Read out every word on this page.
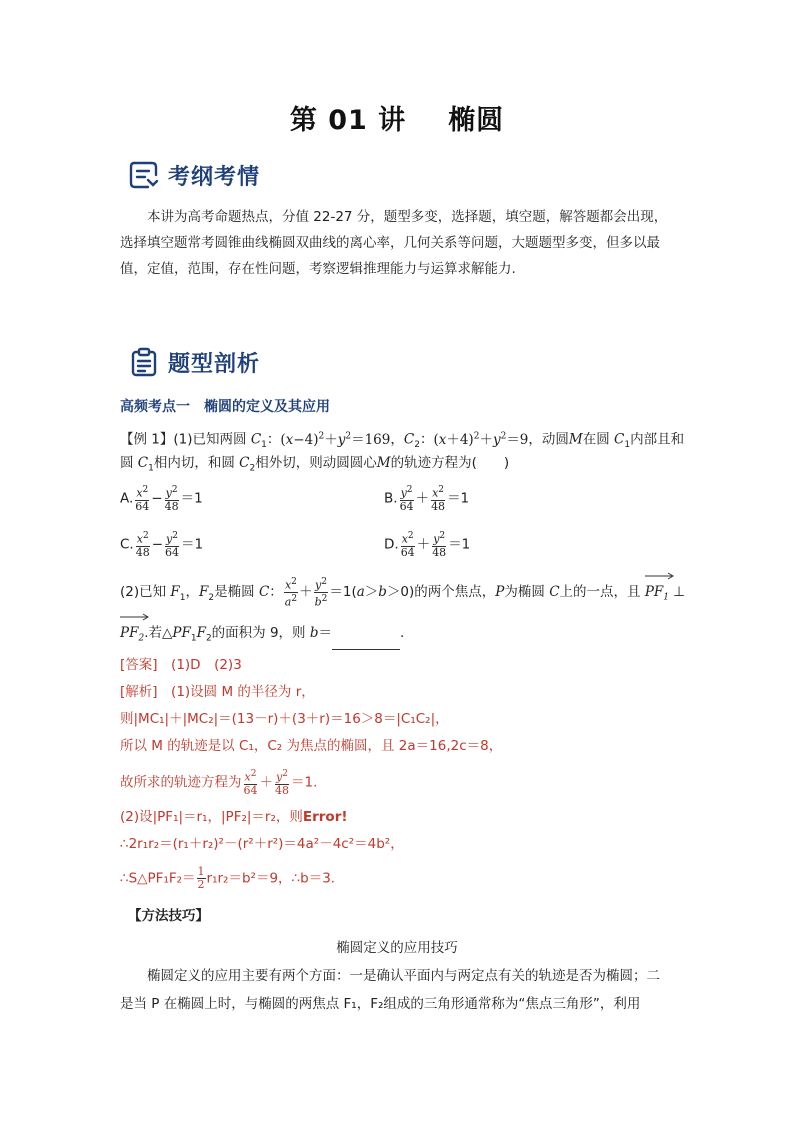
第 01 讲 椭圆
考纲考情
本讲为高考命题热点，分值 22-27 分，题型多变，选择题，填空题，解答题都会出现，
选择填空题常考圆锥曲线椭圆双曲线的离心率，几何关系等问题，大题题型多变，但多以最
值，定值，范围，存在性问题，考察逻辑推理能力与运算求解能力.
题型剖析
高频考点一　椭圆的定义及其应用
【例 1】(1)已知两圆 $C_1$：$(x-4)^2+y^2=169$，$C_2$：$(x+4)^2+y^2=9$，动圆M在圆 $C_1$内部且和
圆 $C_1$相内切，和圆 $C_2$相外切，则动圆圆心M的轨迹方程为(　　)
A. $\frac{x^2}{64} - \frac{y^2}{48} =1$	B. $\frac{y^2}{64} + \frac{x^2}{48} =1$
C. $\frac{x^2}{48} - \frac{y^2}{64} =1$	D. $\frac{x^2}{64} + \frac{y^2}{48} =1$
(2)已知 $F_1$，$F_2$是椭圆 C： $\frac{x^2}{a^2} + \frac{y^2}{b^2} =1(a>b>0)$的两个焦点，P为椭圆 C上的一点，且
$PF_1$ ⊥
$PF_2$.若$\triangle PF_1F_2$的面积为 9，则 b＝	.
[答案]　 (1)D　(2)3
[解析]　 (1)设圆 M 的半径为 r，
则|MC₁|＋|MC₂|＝(13－r)＋(3＋r)＝16＞8＝|C₁C₂|，
所以 M 的轨迹是以 C₁，C₂ 为焦点的椭圆，且 2a＝16,2c＝8，
故所求的轨迹方程为 $\frac{x^2}{64} + \frac{y^2}{48} =1$.
(2)设|PF₁|＝r₁，|PF₂|＝r₂，则Error!
∴2r₁r₂＝(r₁＋r₂)²－(r²＋r²)＝4a²－4c²＝4b²，
∴S△PF₁F₂＝ $\frac{1}{2} r_1r_2=b^2=9$，∴b＝3.
【方法技巧】
椭圆定义的应用技巧
椭圆定义的应用主要有两个方面：一是确认平面内与两定点有关的轨迹是否为椭圆；二
是当 P 在椭圆上时，与椭圆的两焦点 F₁，F₂组成的三角形通常称为“焦点三角形”，利用
